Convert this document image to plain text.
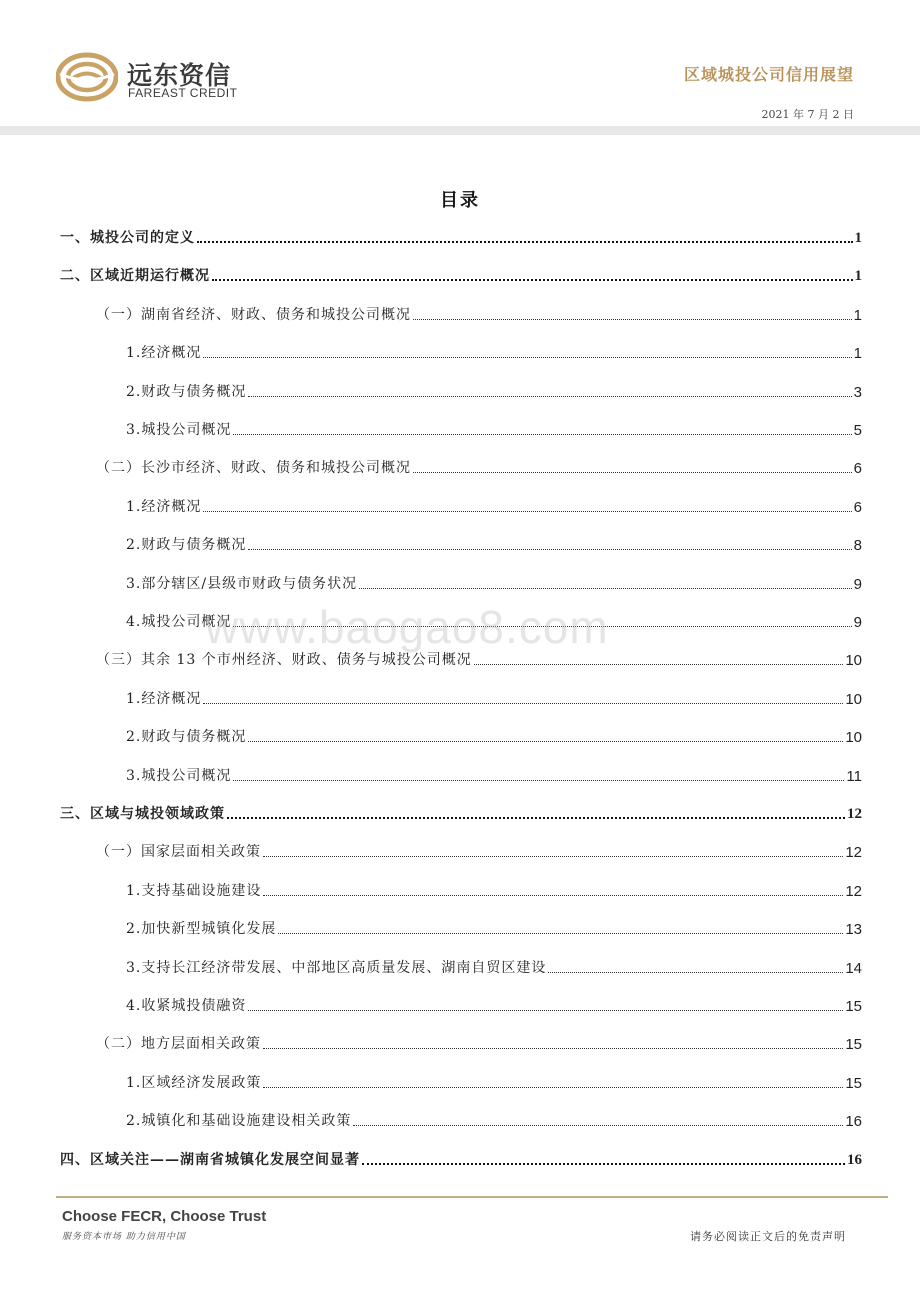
远东资信
FAREAST CREDIT
区域城投公司信用展望
2021 年 7 月 2 日
目录
一、城投公司的定义	1
二、区域近期运行概况	1
（一）湖南省经济、财政、债务和城投公司概况	1
1.经济概况	1
2.财政与债务概况	3
3.城投公司概况	5
（二）长沙市经济、财政、债务和城投公司概况	6
1.经济概况	6
2.财政与债务概况	8
3.部分辖区/县级市财政与债务状况	9
4.城投公司概况	9
（三）其余 13 个市州经济、财政、债务与城投公司概况	10
1.经济概况	10
2.财政与债务概况	10
3.城投公司概况	11
三、区域与城投领域政策	12
（一）国家层面相关政策	12
1.支持基础设施建设	12
2.加快新型城镇化发展	13
3.支持长江经济带发展、中部地区高质量发展、湖南自贸区建设	14
4.收紧城投债融资	15
（二）地方层面相关政策	15
1.区域经济发展政策	15
2.城镇化和基础设施建设相关政策	16
四、区域关注——湖南省城镇化发展空间显著	16
www.baogao8.com
Choose FECR, Choose Trust
服务资本市场 助力信用中国	请务必阅读正文后的免责声明
